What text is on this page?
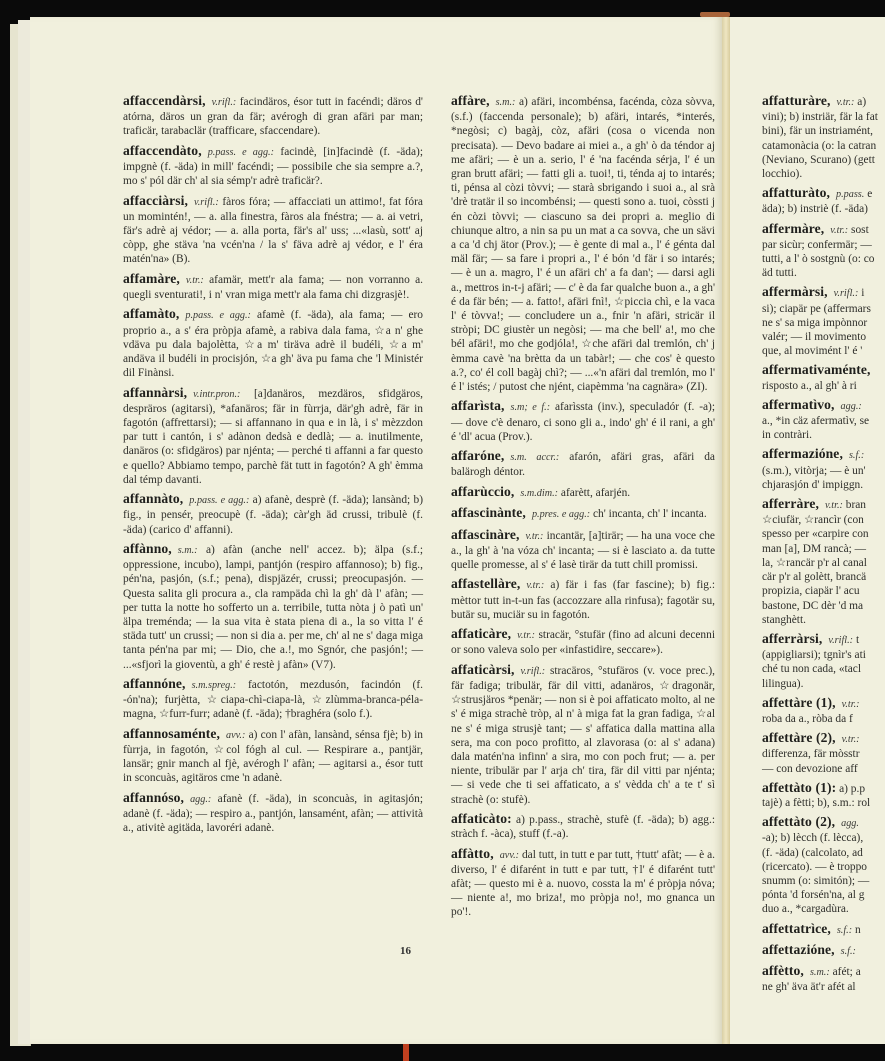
affaccendàrsi, v.rifl.: facindäros, ésor tutt in facéndi; däros d' atórna, däros un gran da fär; avérogh di gran afäri par man; traficär, tarabaclär (trafficare, sfaccendare).
affaccendàto, p.pass. e agg.: facindè, [in]facindè (f. -äda); impgnè (f. -äda) in mill' facéndi; — possibile che sia sempre a.?, mo s' pól där ch' al sia sémp'r adrè traficär?.
affacciàrsi, v.rifl.: fàros fóra; — affacciati un attimo!, fat fóra un momintén!, — a. alla finestra, fàros ala fnéstra; — a. ai vetri, fär's adrè aj védor; — a. alla porta, fär's al' uss; ...«lasù, sott' aj còpp, ghe stäva 'na vcén'na / la s' fäva adrè aj védor, e l' éra matén'na» (B).
affamàre, v.tr.: afamär, mett'r ala fama; — non vorranno a. quegli sventurati!, i n' vran miga mett'r ala fama chi dizgrasjè!.
affamàto, p.pass. e agg.: afamè (f. -äda), ala fama; — ero proprio a., a s' éra pròpja afamè, a rabiva dala fama, ☆a n' ghe vdäva pu dala bajolètta, ☆a m' tiräva adrè il budéli, ☆a m' andäva il budéli in procisjón, ☆a gh' äva pu fama che 'l Ministér dil Finànsi.
affannàrsi, v.intr.pron.: [a]danäros, mezdäros, sfidgäros, despräros (agitarsi), *afanäros; fär in fùrrja, där'gh adrè, fär in fagotón (affrettarsi); — si affannano in qua e in là, i s' mèzzdon par tutt i cantón, i s' adànon dedsà e dedlà; — a. inutilmente, danäros (o: sfidgäros) par njénta; — perché ti affanni a far questo e quello? Abbiamo tempo, parchè fät tutt in fagotón? A gh' èmma dal témp davanti.
affannàto, p.pass. e agg.: a) afanè, desprè (f. -äda); lansànd; b) fig., in pensér, preocupè (f. -äda); càr'gh äd crussi, tribulè (f. -äda) (carico d' affanni).
affànno, s.m.: a) afàn (anche nell' accez. b); älpa (s.f.; oppressione, incubo), lampi, pantjón (respiro affannoso); b) fig., pén'na, pasjón, (s.f.; pena), dispjäzér, crussi; preocupasjón. — Questa salita gli procura a., cla rampäda chì la gh' dà l' afàn; — per tutta la notte ho sofferto un a. terribile, tutta nòta j ò patì un' älpa treménda; — la sua vita è stata piena di a., la so vitta l' é städa tutt' un crussi; — non si dia a. per me, ch' al ne s' daga miga tanta pén'na par mi; — Dio, che a.!, mo Sgnór, che pasjón!; — ...«sfjorì la gioventù, a gh' é restè j afàn» (V7).
affannóne, s.m.spreg.: factotón, mezdusón, facindón (f. -ón'na); furjètta, ☆ciapa-chì-ciapa-là, ☆zlùmma-branca-péla-magna, ☆furr-furr; adanè (f. -äda); †braghéra (solo f.).
affannosaménte, avv.: a) con l' afàn, lansànd, sénsa fjè; b) in fùrrja, in fagotón, ☆col fógh al cul. — Respirare a., pantjär, lansär; gnir manch al fjè, avérogh l' afàn; — agitarsi a., ésor tutt in sconcuàs, agitäros cme 'n adanè.
affannóso, agg.: afanè (f. -äda), in sconcuàs, in agitasjón; adanè (f. -äda); — respiro a., pantjón, lansamént, afàn; — attività a., ativitè agitäda, lavoréri adanè.
affàre, s.m.: a) afäri, incombénsa, facénda, còza sòvva, (s.f.) (faccenda personale); b) afäri, intarés, *interés, *negòsi; c) bagàj, còz, afäri (cosa o vicenda non precisata). — Devo badare ai miei a., a gh' ò da téndor aj me afäri; — è un a. serio, l' é 'na facénda sérja, l' é un gran brutt afäri; — fatti gli a. tuoi!, ti, ténda aj to intarés; ti, pénsa al còzi tòvvi; — starà sbrigando i suoi a., al srà 'drè tratär il so incombénsi; — questi sono a. tuoi, còssti j én còzi tòvvi; — ciascuno sa dei propri a. meglio di chiunque altro, a nin sa pu un mat a ca sovva, che un sävi a ca 'd chj ätor (Prov.); — è gente di mal a., l' é génta dal mäl fär; — sa fare i propri a., l' é bón 'd fär i so intarés; — è un a. magro, l' é un afäri ch' a fa dan'; — darsi agli a., mettros in-t-j afäri; — c' è da far qualche buon a., a gh' é da fär bén; — a. fatto!, afäri fnì!, ☆piccia chì, e la vaca l' é tòvva!; — concludere un a., fnir 'n afäri, stricär il stròpi; DC giustèr un negòsi; — ma che bell' a!, mo che bél afäri!, mo che godjóla!, ☆che afäri dal tremlón, ch' j èmma cavè 'na brètta da un tabàr!; — che cos' è questo a.?, co' él coll bagàj chì?; — ...«'n afäri dal tremlón, mo l' é l' istés; / putost che njént, ciapèmma 'na cagnära» (ZI).
affarìsta, s.m; e f.: afarìssta (inv.), speculadór (f. -a); — dove c'è denaro, ci sono gli a., indo' gh' é il rani, a gh' é 'dl' acua (Prov.).
affaróne, s.m. accr.: afarón, afäri gras, afäri da balärogh déntor.
affarùccio, s.m.dim.: afarètt, afarjén.
affascinànte, p.pres. e agg.: ch' incanta, ch' l' incanta.
affascinàre, v.tr.: incantär, [a]tirär; — ha una voce che a., la gh' à 'na vóza ch' incanta; — si è lasciato a. da tutte quelle promesse, al s' é lasè tirär da tutt chill promissi.
affastellàre, v.tr.: a) fär i fas (far fascine); b) fig.: mèttor tutt in-t-un fas (accozzare alla rinfusa); fagotär su, butär su, muciär su in fagotón.
affaticàre, v.tr.: stracär, °stufär (fino ad alcuni decenni or sono valeva solo per «infastidire, seccare»).
affaticàrsi, v.rifl.: stracäros, °stufäros (v. voce prec.), fär fadiga; tribulär, fär dil vitti, adanäros, ☆dragonär, ☆strusjäros *penär; — non si è poi affaticato molto, al ne s' é miga strachè tròp, al n' à miga fat la gran fadiga, ☆al ne s' é miga strusjè tant; — s' affatica dalla mattina alla sera, ma con poco profitto, al zlavorasa (o: al s' adana) dala matén'na infinn' a sira, mo con poch frut; — a. per niente, tribulär par l' arja ch' tira, fär dil vitti par njénta; — si vede che ti sei affaticato, a s' vèdda ch' a te t' sì strachè (o: stufè).
affaticàto: a) p.pass., strachè, stufè (f. -äda); b) agg.: stràch f. -àca), stuff (f.-a).
affàtto, avv.: dal tutt, in tutt e par tutt, †tutt' afàt; — è a. diverso, l' é difarént in tutt e par tutt, †l' é difarént tutt' afàt; — questo mi è a. nuovo, cossta la m' é pròpja nóva; — niente a!, mo briza!, mo pròpja no!, mo gnanca un po'!.
affatturàre, v.tr.: a)
vini); b) instriär, fär la fat
bini), fär un instriamént,
catamonàcia (o: la catran
(Neviano, Scurano) (gett
locchio).
affatturàto, p.pass. e
äda); b) instriè (f. -äda)
affermàre, v.tr.: sost
par sicùr; confermär; —
tutti, a l' ò sostgnù (o: co
äd tutti.
affermàrsi, v.rifl.: i
si); ciapär pe (affermars
ne s' sa miga impònnor
valér; — il movimento
que, al movimént l' é '
affermativaménte,
risposto a., al gh' à ri
affermatìvo, agg.:
a., *in cäz afermatìv, se
in contràri.
affermazióne, s.f.:
(s.m.), vitòrja; — è un'
chjarasjón d' impiggn.
afferràre, v.tr.: bran
☆ciufär, ☆rancìr (con
spesso per «carpire con
man [a], DM rancà; —
la, ☆rancär p'r al canal
cär p'r al golètt, brancä
propizia, ciapär l' acu
bastone, DC dèr 'd ma
stanghètt.
afferràrsi, v.rifl.: t
(appigliarsi); tgnìr's ati
ché tu non cada, «tacl
lilingua).
affettàre (1), v.tr.:
roba da a., ròba da f
affettàre (2), v.tr.:
differenza, fär mòsstr
— con devozione aff
affettàto (1): a) p.p
tajè) a fètti; b), s.m.: rol
affettàto (2), agg.
-a); b) lècch (f. lècca),
(f. -äda) (calcolato, ad
(ricercato). — è troppo
snumm (o: simitón); —
pónta 'd forsén'na, al g
duo a., *cargadùra.
affettatrìce, s.f.: n
affettazióne, s.f.:
affètto, s.m.: afét; a
ne gh' äva ät'r afét al
16
